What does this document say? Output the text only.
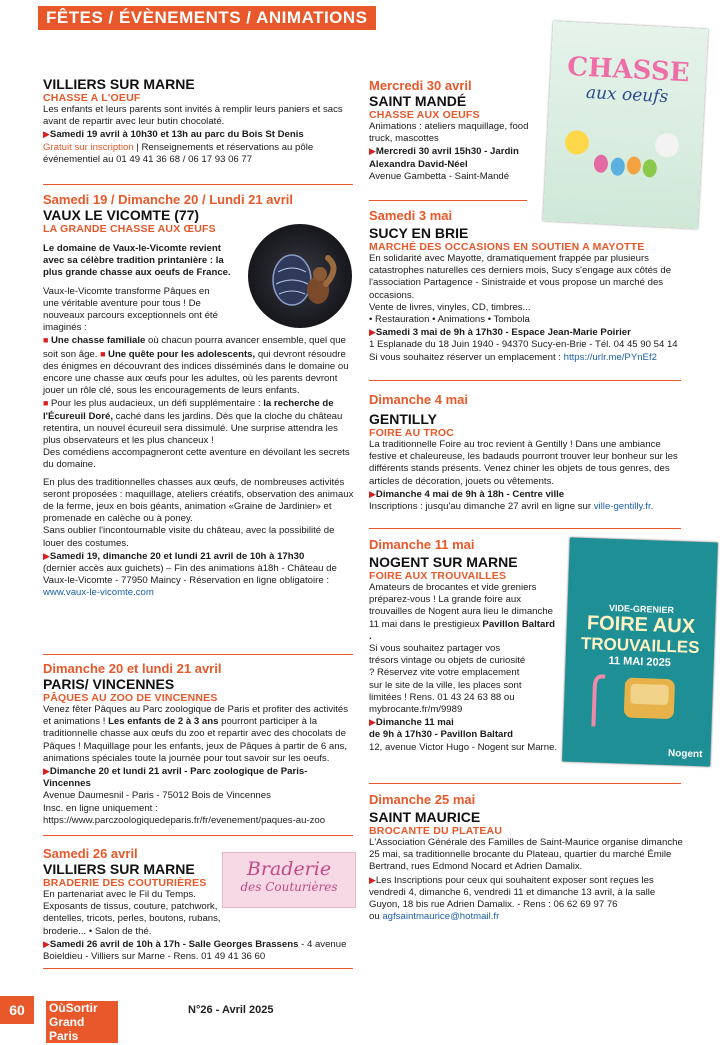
FÊTES / ÉVÈNEMENTS / ANIMATIONS
VILLIERS SUR MARNE
CHASSE A L'OEUF

Les enfants et leurs parents sont invités à remplir leurs paniers et sacs avant de repartir avec leur butin chocolaté.

▶Samedi 19 avril à 10h30 et 13h au parc du Bois St Denis

Gratuit sur inscription | Renseignements et réservations au pôle événementiel au 01 49 41 36 68 / 06 17 93 06 77

Samedi 19 / Dimanche 20 / Lundi 21 avril
VAUX LE VICOMTE (77)
LA GRANDE CHASSE AUX ŒUFS

Le domaine de Vaux-le-Vicomte revient avec sa célèbre tradition printanière : la plus grande chasse aux oeufs de France.

Vaux-le-Vicomte transforme Pâques en une véritable aventure pour tous ! De nouveaux parcours exceptionnels ont été imaginés :

■ Une chasse familiale où chacun pourra avancer ensemble, quel que soit son âge. ■ Une quête pour les adolescents, qui devront résoudre des énigmes en découvrant des indices disséminés dans le domaine ou encore une chasse aux œufs pour les adultes, où les parents devront jouer un rôle clé, sous les encouragements de leurs enfants.

■ Pour les plus audacieux, un défi supplémentaire : la recherche de l'Écureuil Doré, caché dans les jardins. Dès que la cloche du château retentira, un nouvel écureuil sera dissimulé. Une surprise attendra les plus observateurs et les plus chanceux !

Des comédiens accompagneront cette aventure en dévoilant les secrets du domaine.

En plus des traditionnelles chasses aux œufs, de nombreuses activités seront proposées : maquillage, ateliers créatifs, observation des animaux de la ferme, jeux en bois géants, animation «Graine de Jardinier» et promenade en calèche ou à poney.

Sans oublier l'incontournable visite du château, avec la possibilité de louer des costumes.

▶Samedi 19, dimanche 20 et lundi 21 avril de 10h à 17h30

(dernier accès aux guichets) – Fin des animations à18h - Château de Vaux-le-Vicomte - 77950 Maincy - Réservation en ligne obligatoire :

www.vaux-le-vicomte.com

Dimanche 20 et lundi 21 avril
PARIS/ VINCENNES
PÂQUES AU ZOO DE VINCENNES

Venez fêter Pâques au Parc zoologique de Paris et profiter des activités et animations ! Les enfants de 2 à 3 ans pourront participer à la traditionnelle chasse aux œufs du zoo et repartir avec des chocolats de Pâques ! Maquillage pour les enfants, jeux de Pâques à partir de 6 ans, animations spéciales toute la journée pour tout savoir sur les oeufs.

▶Dimanche 20 et lundi 21 avril - Parc zoologique de Paris-Vincennes

Avenue Daumesnil - Paris - 75012 Bois de Vincennes

Insc. en ligne uniquement :

https://www.parczoologiquedeparis.fr/fr/evenement/paques-au-zoo

Samedi 26 avril
VILLIERS SUR MARNE
BRADERIE DES COUTURIÈRES

En partenariat avec le Fil du Temps. Exposants de tissus, couture, patchwork, dentelles, tricots, perles, boutons, rubans, broderie... • Salon de thé.

▶Samedi 26 avril de 10h à 17h - Salle Georges Brassens - 4 avenue Boieldieu - Villiers sur Marne - Rens. 01 49 41 36 60

Braderie
des Couturières
Mercredi 30 avril
SAINT MANDÉ
CHASSE AUX OEUFS

Animations : ateliers maquillage, food truck, mascottes

▶Mercredi 30 avril 15h30 - Jardin Alexandra David-Néel

Avenue Gambetta - Saint-Mandé

CHASSE
aux oeufs
Samedi 3 mai
SUCY EN BRIE
MARCHÉ DES OCCASIONS EN SOUTIEN A MAYOTTE

En solidarité avec Mayotte, dramatiquement frappée par plusieurs catastrophes naturelles ces derniers mois, Sucy s'engage aux côtés de l'association Partagence - Sinistraide et vous propose un marché des occasions.

Vente de livres, vinyles, CD, timbres...

• Restauration • Animations • Tombola

▶Samedi 3 mai de 9h à 17h30 - Espace Jean-Marie Poirier

1 Esplanade du 18 Juin 1940 - 94370 Sucy-en-Brie - Tél. 04 45 90 54 14

Si vous souhaitez réserver un emplacement : https://urlr.me/PYnEf2

Dimanche 4 mai
GENTILLY
FOIRE AU TROC

La traditionnelle Foire au troc revient à Gentilly ! Dans une ambiance festive et chaleureuse, les badauds pourront trouver leur bonheur sur les différents stands présents. Venez chiner les objets de tous genres, des articles de décoration, jouets ou vêtements.

▶Dimanche 4 mai de 9h à 18h - Centre ville

Inscriptions : jusqu'au dimanche 27 avril en ligne sur ville-gentilly.fr.

Dimanche 11 mai
NOGENT SUR MARNE
FOIRE AUX TROUVAILLES

Amateurs de brocantes et vide greniers préparez-vous ! La grande foire aux trouvailles de Nogent aura lieu le dimanche 11 mai dans le prestigieux Pavillon Baltard .

Si vous souhaitez partager vos trésors vintage ou objets de curiosité ? Réservez vite votre emplacement sur le site de la ville, les places sont limitées ! Rens. 01 43 24 63 88 ou mybrocante.fr/m/9989

▶Dimanche 11 mai

de 9h à 17h30 - Pavillon Baltard

12, avenue Victor Hugo - Nogent sur Marne.

VIDE-GRENIER
FOIRE AUX
TROUVAILLES
11 MAI 2025
Nogent
Dimanche 25 mai
SAINT MAURICE
BROCANTE DU PLATEAU

L'Association Générale des Familles de Saint-Maurice organise dimanche 25 mai, sa traditionnelle brocante du Plateau, quartier du marché Émile Bertrand, rues Edmond Nocard et Adrien Damalix.

▶Les Inscriptions pour ceux qui souhaitent exposer sont reçues les vendredi 4, dimanche 6, vendredi 11 et dimanche 13 avril, à la salle Guyon, 18 bis rue Adrien Damalix. - Rens : 06 62 69 97 76

ou agfsaintmaurice@hotmail.fr

60	OùSortir Grand Paris
N°26 - Avril 2025
